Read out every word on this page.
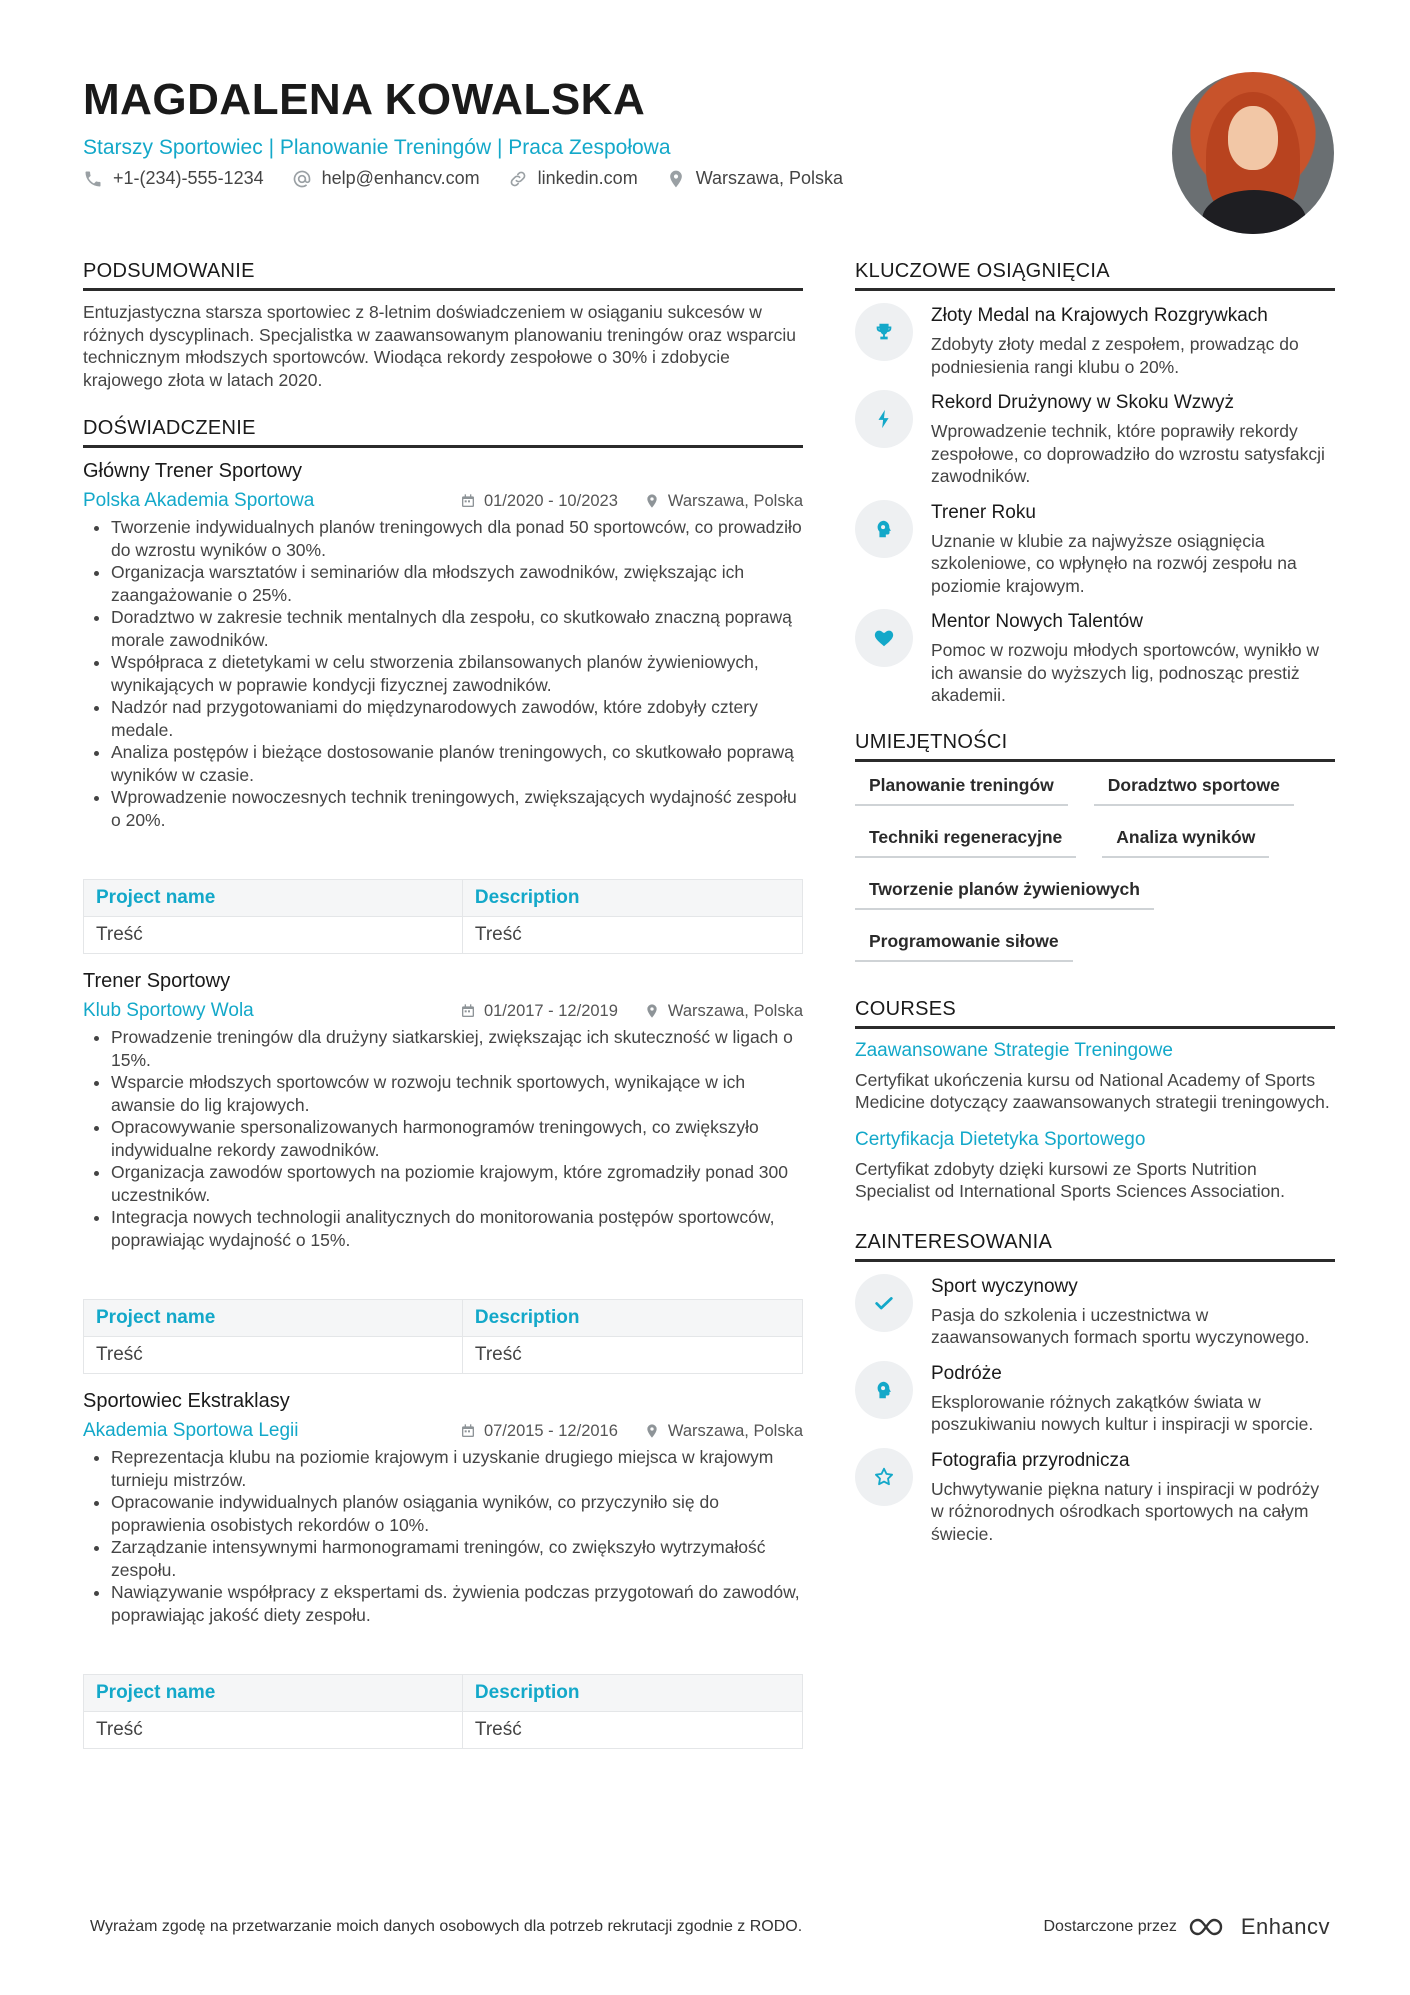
MAGDALENA KOWALSKA
Starszy Sportowiec | Planowanie Treningów | Praca Zespołowa
+1-(234)-555-1234	help@enhancv.com	linkedin.com	Warszawa, Polska
PODSUMOWANIE

Entuzjastyczna starsza sportowiec z 8-letnim doświadczeniem w osiąganiu sukcesów w różnych dyscyplinach. Specjalistka w zaawansowanym planowaniu treningów oraz wsparciu technicznym młodszych sportowców. Wiodąca rekordy zespołowe o 30% i zdobycie krajowego złota w latach 2020.

DOŚWIADCZENIE
Główny Trener Sportowy
Polska Akademia Sportowa	01/2020 - 10/2023	Warszawa, Polska
• Tworzenie indywidualnych planów treningowych dla ponad 50 sportowców, co prowadziło do wzrostu wyników o 30%.
• Organizacja warsztatów i seminariów dla młodszych zawodników, zwiększając ich zaangażowanie o 25%.
• Doradztwo w zakresie technik mentalnych dla zespołu, co skutkowało znaczną poprawą morale zawodników.
• Współpraca z dietetykami w celu stworzenia zbilansowanych planów żywieniowych, wynikających w poprawie kondycji fizycznej zawodników.
• Nadzór nad przygotowaniami do międzynarodowych zawodów, które zdobyły cztery medale.
• Analiza postępów i bieżące dostosowanie planów treningowych, co skutkowało poprawą wyników w czasie.
• Wprowadzenie nowoczesnych technik treningowych, zwiększających wydajność zespołu o 20%.
Project name	Description
Treść	Treść
Trener Sportowy
Klub Sportowy Wola	01/2017 - 12/2019	Warszawa, Polska
• Prowadzenie treningów dla drużyny siatkarskiej, zwiększając ich skuteczność w ligach o 15%.
• Wsparcie młodszych sportowców w rozwoju technik sportowych, wynikające w ich awansie do lig krajowych.
• Opracowywanie spersonalizowanych harmonogramów treningowych, co zwiększyło indywidualne rekordy zawodników.
• Organizacja zawodów sportowych na poziomie krajowym, które zgromadziły ponad 300 uczestników.
• Integracja nowych technologii analitycznych do monitorowania postępów sportowców, poprawiając wydajność o 15%.
Project name	Description
Treść	Treść
Sportowiec Ekstraklasy
Akademia Sportowa Legii	07/2015 - 12/2016	Warszawa, Polska
• Reprezentacja klubu na poziomie krajowym i uzyskanie drugiego miejsca w krajowym turnieju mistrzów.
• Opracowanie indywidualnych planów osiągania wyników, co przyczyniło się do poprawienia osobistych rekordów o 10%.
• Zarządzanie intensywnymi harmonogramami treningów, co zwiększyło wytrzymałość zespołu.
• Nawiązywanie współpracy z ekspertami ds. żywienia podczas przygotowań do zawodów, poprawiając jakość diety zespołu.
Project name	Description
Treść	Treść
KLUCZOWE OSIĄGNIĘCIA
Złoty Medal na Krajowych Rozgrywkach
Zdobyty złoty medal z zespołem, prowadząc do podniesienia rangi klubu o 20%.
Rekord Drużynowy w Skoku Wzwyż
Wprowadzenie technik, które poprawiły rekordy zespołowe, co doprowadziło do wzrostu satysfakcji zawodników.
Trener Roku
Uznanie w klubie za najwyższe osiągnięcia szkoleniowe, co wpłynęło na rozwój zespołu na poziomie krajowym.
Mentor Nowych Talentów
Pomoc w rozwoju młodych sportowców, wynikło w ich awansie do wyższych lig, podnosząc prestiż akademii.
UMIEJĘTNOŚCI
Planowanie treningów	Doradztwo sportowe
Techniki regeneracyjne	Analiza wyników
Tworzenie planów żywieniowych
Programowanie siłowe
COURSES
Zaawansowane Strategie Treningowe
Certyfikat ukończenia kursu od National Academy of Sports Medicine dotyczący zaawansowanych strategii treningowych.
Certyfikacja Dietetyka Sportowego
Certyfikat zdobyty dzięki kursowi ze Sports Nutrition Specialist od International Sports Sciences Association.
ZAINTERESOWANIA
Sport wyczynowy
Pasja do szkolenia i uczestnictwa w zaawansowanych formach sportu wyczynowego.
Podróże
Eksplorowanie różnych zakątków świata w poszukiwaniu nowych kultur i inspiracji w sporcie.
Fotografia przyrodnicza
Uchwytywanie piękna natury i inspiracji w podróży w różnorodnych ośrodkach sportowych na całym świecie.
Wyrażam zgodę na przetwarzanie moich danych osobowych dla potrzeb rekrutacji zgodnie z RODO.	Dostarczone przez	Enhancv
